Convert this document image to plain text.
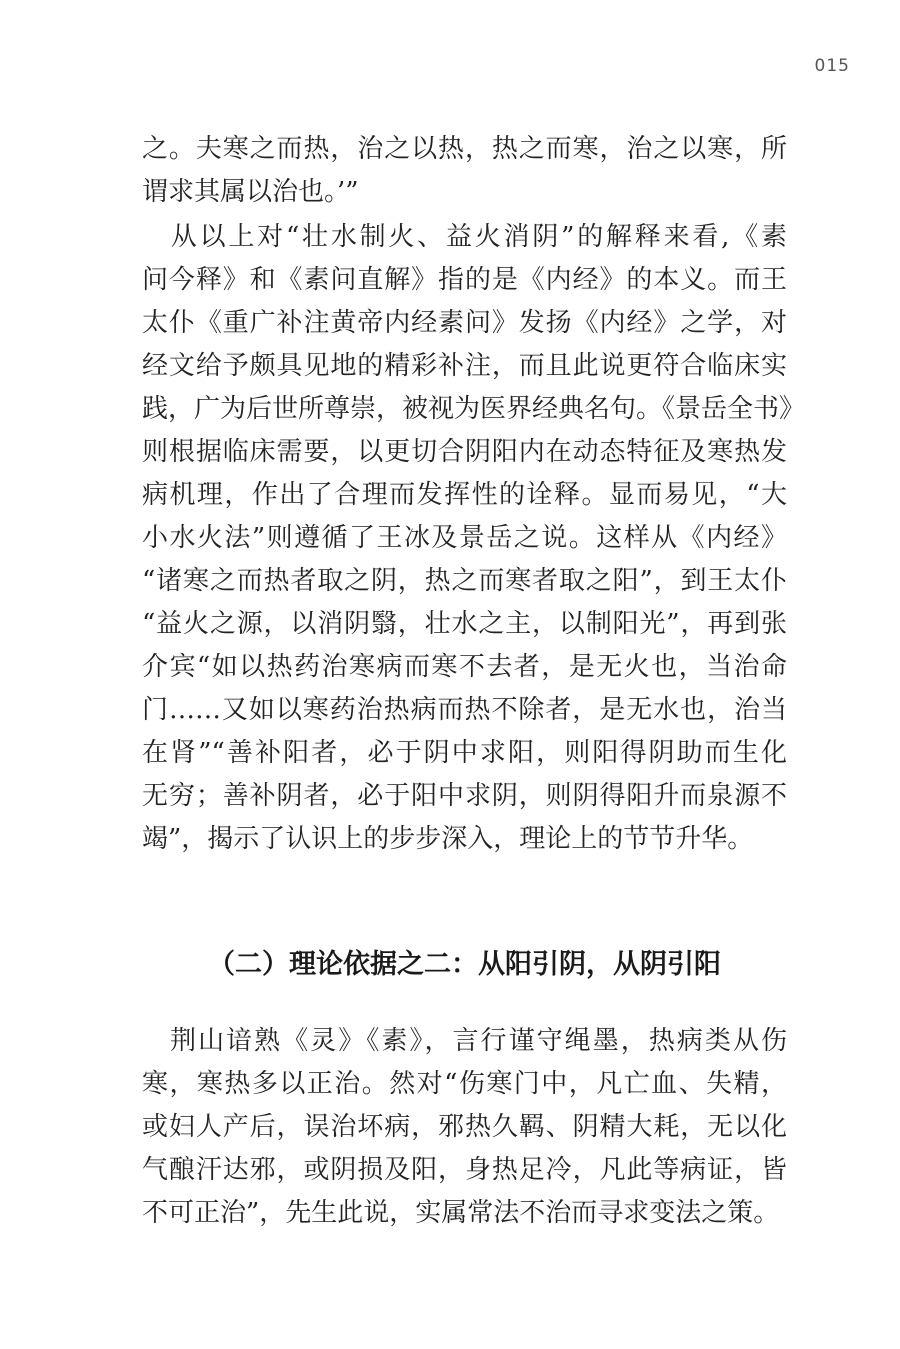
015
之。夫寒之而热，治之以热，热之而寒，治之以寒，所
谓求其属以治也。’”
　从以上对“壮水制火、益火消阴”的解释来看,《素
问今释》和《素问直解》指的是《内经》的本义。而王
太仆《重广补注黄帝内经素问》发扬《内经》之学，对
经文给予颇具见地的精彩补注，而且此说更符合临床实
践，广为后世所尊崇，被视为医界经典名句。《景岳全书》
则根据临床需要，以更切合阴阳内在动态特征及寒热发
病机理，作出了合理而发挥性的诠释。显而易见，“大
小水火法”则遵循了王冰及景岳之说。这样从《内经》
“诸寒之而热者取之阴，热之而寒者取之阳”，到王太仆
“益火之源，以消阴翳，壮水之主，以制阳光”，再到张
介宾“如以热药治寒病而寒不去者，是无火也，当治命
门……又如以寒药治热病而热不除者，是无水也，治当
在肾”“善补阳者，必于阴中求阳，则阳得阴助而生化
无穷；善补阴者，必于阳中求阴，则阴得阳升而泉源不
竭”，揭示了认识上的步步深入，理论上的节节升华。
（二）理论依据之二：从阳引阴，从阴引阳
　荆山谙熟《灵》《素》，言行谨守绳墨，热病类从伤
寒，寒热多以正治。然对“伤寒门中，凡亡血、失精，
或妇人产后，误治坏病，邪热久羁、阴精大耗，无以化
气酿汗达邪，或阴损及阳，身热足冷，凡此等病证，皆
不可正治”，先生此说，实属常法不治而寻求变法之策。
